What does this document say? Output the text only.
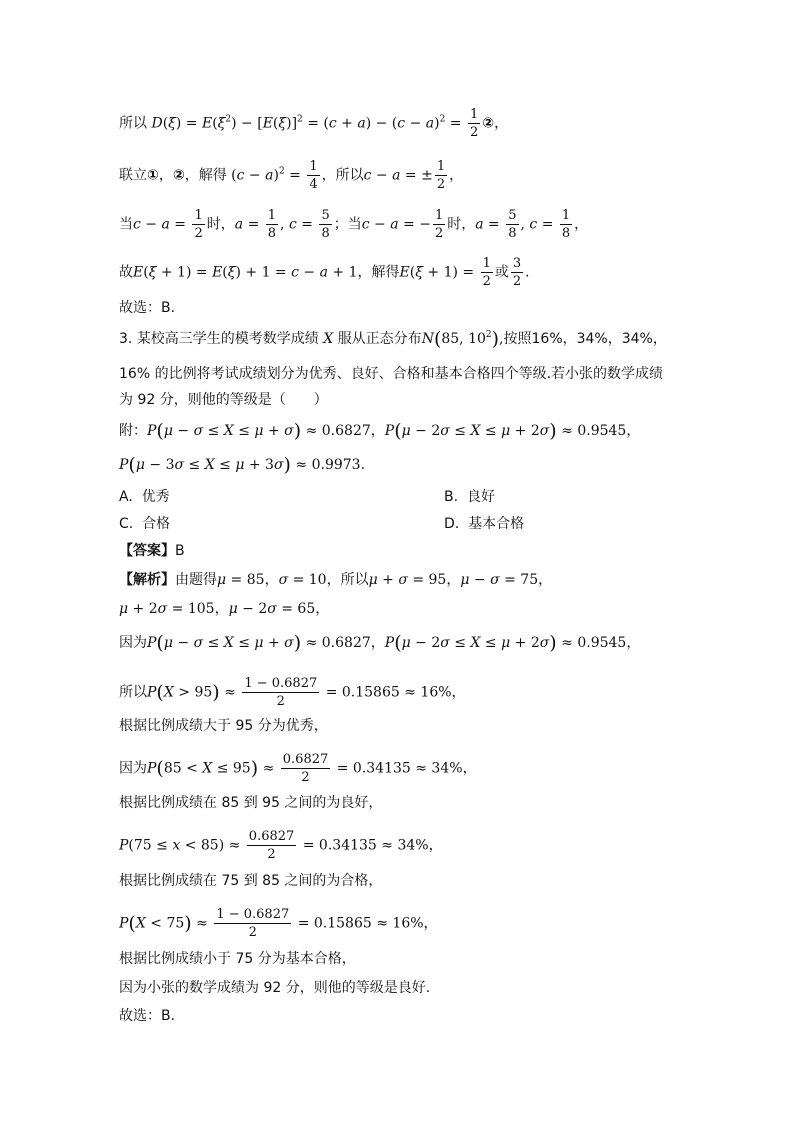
所以 $D(\xi) = E(\xi^2) - [E(\xi)]^2 = (c + a) - (c - a)^2 = \frac{1}{2}$ ②，
联立①，②，解得 $(c - a)^2 = \frac{1}{4}$ ，所以c − a = ± $\frac{1}{2}$ ，
当$c - a = \frac{1}{2}$ 时，$a = \frac{1}{8}$ , $c = \frac{5}{8}$ ；当c − a = − $\frac{1}{2}$ 时，$a = \frac{5}{8}$ , $c = \frac{1}{8}$ ，
故E(ξ + 1) = E(ξ) + 1 = c − a + 1，解得$E(\xi + 1) = \frac{1}{2}$ 或 $\frac{3}{2}$ .
故选：B.
3. 某校高三学生的模考数学成绩 X 服从正态分布N(85, $10^2$),按照16%，34%，34%，
16% 的比例将考试成绩划分为优秀、良好、合格和基本合格四个等级.若小张的数学成绩
为 92 分，则他的等级是（　　）
附：P(μ − σ ≤ X ≤ μ + σ) ≈ 0.6827，P(μ − 2σ ≤ X ≤ μ + 2σ) ≈ 0.9545，
P(μ − 3σ ≤ X ≤ μ + 3σ) ≈ 0.9973.
A. 优秀	B. 良好
C. 合格	D. 基本合格
【答案】B
【解析】由题得μ = 85，σ = 10，所以μ + σ = 95，μ − σ = 75，
μ + 2σ = 105，μ − 2σ = 65，
因为P(μ − σ ≤ X ≤ μ + σ) ≈ 0.6827，P(μ − 2σ ≤ X ≤ μ + 2σ) ≈ 0.9545，
所以$P(X > 95) \approx \frac{1 - 0.6827}{2} = 0.15865 \approx 16\%$，
根据比例成绩大于 95 分为优秀，
因为$P(85 < X \le 95) \approx \frac{0.6827}{2} = 0.34135 \approx 34\%$，
根据比例成绩在 85 到 95 之间的为良好，
$P(75 \le x < 85) \approx \frac{0.6827}{2} = 0.34135 \approx 34\%$，
根据比例成绩在 75 到 85 之间的为合格，
$P(X < 75) \approx \frac{1 - 0.6827}{2} = 0.15865 \approx 16\%$，
根据比例成绩小于 75 分为基本合格，
因为小张的数学成绩为 92 分，则他的等级是良好.
故选：B.
